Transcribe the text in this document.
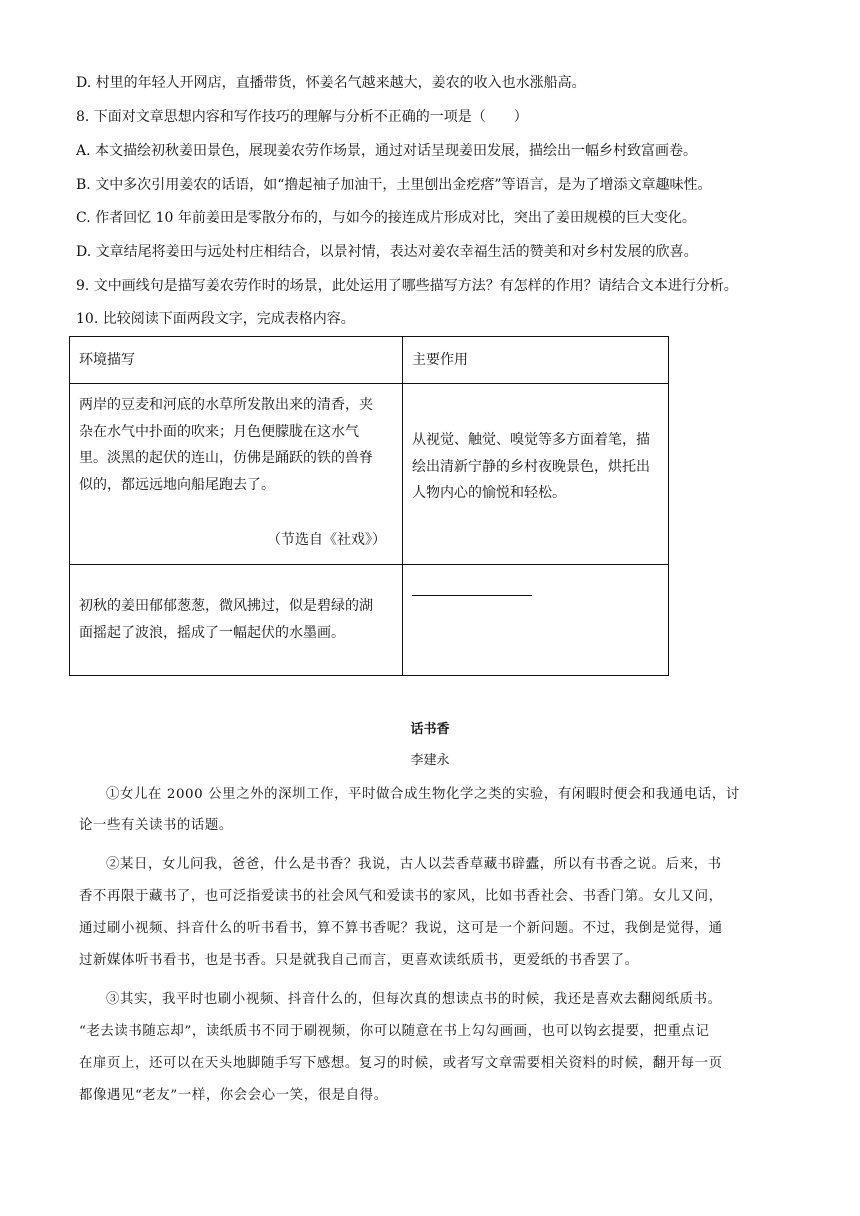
D. 村里的年轻人开网店，直播带货，怀姜名气越来越大，姜农的收入也水涨船高。
8. 下面对文章思想内容和写作技巧的理解与分析不正确的一项是（　　）
A. 本文描绘初秋姜田景色，展现姜农劳作场景，通过对话呈现姜田发展，描绘出一幅乡村致富画卷。
B. 文中多次引用姜农的话语，如“撸起袖子加油干，土里刨出金疙瘩”等语言，是为了增添文章趣味性。
C. 作者回忆 10 年前姜田是零散分布的，与如今的接连成片形成对比，突出了姜田规模的巨大变化。
D. 文章结尾将姜田与远处村庄相结合，以景衬情，表达对姜农幸福生活的赞美和对乡村发展的欣喜。
9. 文中画线句是描写姜农劳作时的场景，此处运用了哪些描写方法？有怎样的作用？请结合文本进行分析。
10. 比较阅读下面两段文字，完成表格内容。
环境描写	主要作用
两岸的豆麦和河底的水草所发散出来的清香，夹
杂在水气中扑面的吹来；月色便朦胧在这水气
里。淡黑的起伏的连山，仿佛是踊跃的铁的兽脊
似的，都远远地向船尾跑去了。
（节选自《社戏》）
从视觉、触觉、嗅觉等多方面着笔，描
绘出清新宁静的乡村夜晚景色，烘托出
人物内心的愉悦和轻松。
初秋的姜田郁郁葱葱，微风拂过，似是碧绿的湖
面摇起了波浪，摇成了一幅起伏的水墨画。
话书香
李建永
①女儿在 2000 公里之外的深圳工作，平时做合成生物化学之类的实验，有闲暇时便会和我通电话，讨
论一些有关读书的话题。
②某日，女儿问我，爸爸，什么是书香？我说，古人以芸香草藏书辟蠹，所以有书香之说。后来，书
香不再限于藏书了，也可泛指爱读书的社会风气和爱读书的家风，比如书香社会、书香门第。女儿又问，
通过刷小视频、抖音什么的听书看书，算不算书香呢？我说，这可是一个新问题。不过，我倒是觉得，通
过新媒体听书看书，也是书香。只是就我自己而言，更喜欢读纸质书，更爱纸的书香罢了。
③其实，我平时也刷小视频、抖音什么的，但每次真的想读点书的时候，我还是喜欢去翻阅纸质书。
“老去读书随忘却”，读纸质书不同于刷视频，你可以随意在书上勾勾画画，也可以钩玄提要，把重点记
在扉页上，还可以在天头地脚随手写下感想。复习的时候，或者写文章需要相关资料的时候，翻开每一页
都像遇见“老友”一样，你会会心一笑，很是自得。
